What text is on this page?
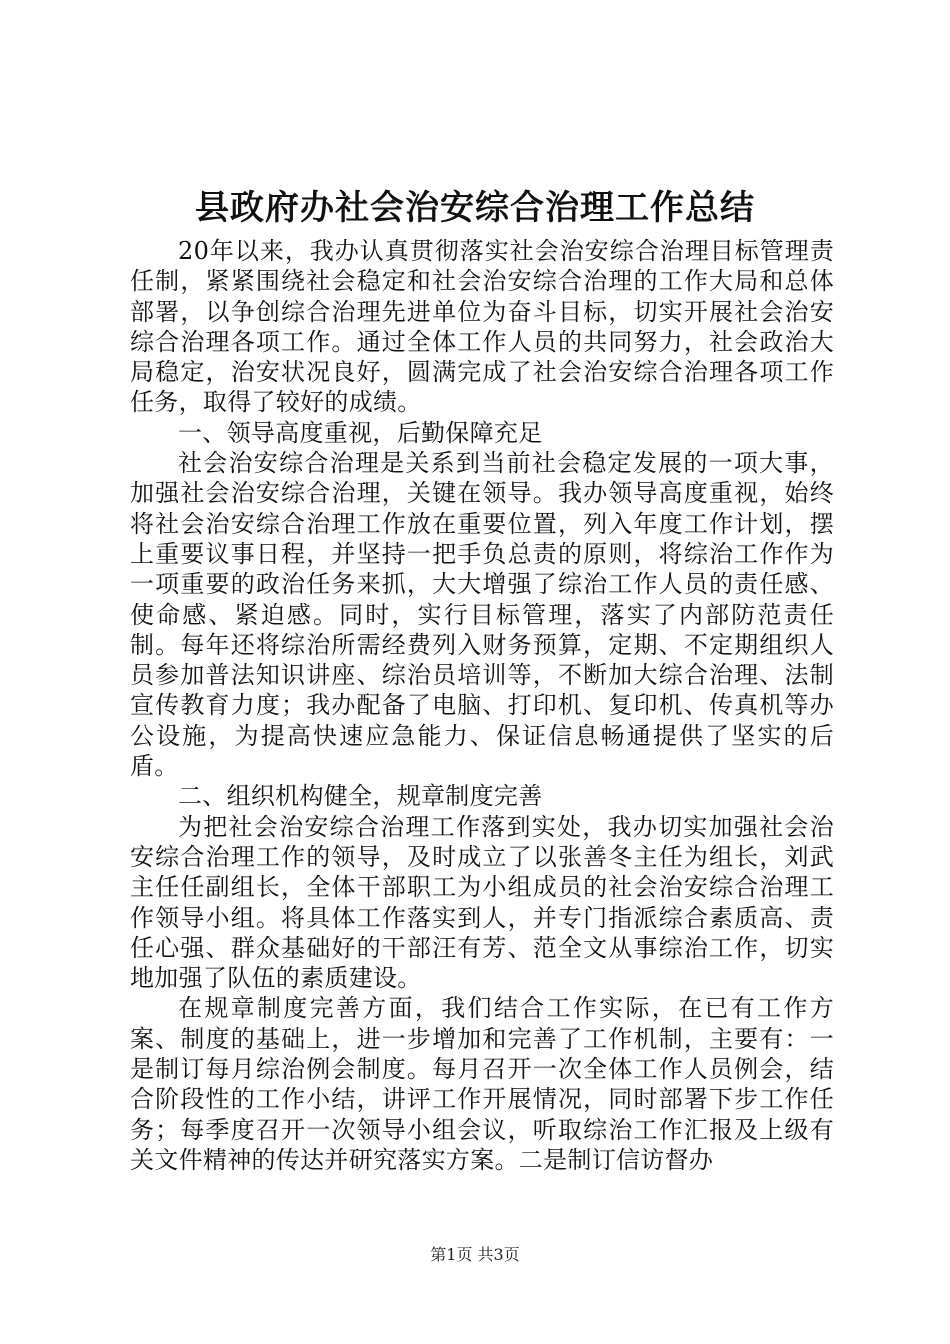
县政府办社会治安综合治理工作总结

20年以来，我办认真贯彻落实社会治安综合治理目标管理责任制，紧紧围绕社会稳定和社会治安综合治理的工作大局和总体部署，以争创综合治理先进单位为奋斗目标，切实开展社会治安综合治理各项工作。通过全体工作人员的共同努力，社会政治大局稳定，治安状况良好，圆满完成了社会治安综合治理各项工作任务，取得了较好的成绩。

一、领导高度重视，后勤保障充足

社会治安综合治理是关系到当前社会稳定发展的一项大事，加强社会治安综合治理，关键在领导。我办领导高度重视，始终将社会治安综合治理工作放在重要位置，列入年度工作计划，摆上重要议事日程，并坚持一把手负总责的原则，将综治工作作为一项重要的政治任务来抓，大大增强了综治工作人员的责任感、使命感、紧迫感。同时，实行目标管理，落实了内部防范责任制。每年还将综治所需经费列入财务预算，定期、不定期组织人员参加普法知识讲座、综治员培训等，不断加大综合治理、法制宣传教育力度；我办配备了电脑、打印机、复印机、传真机等办公设施，为提高快速应急能力、保证信息畅通提供了坚实的后盾。

二、组织机构健全，规章制度完善

为把社会治安综合治理工作落到实处，我办切实加强社会治安综合治理工作的领导，及时成立了以张善冬主任为组长，刘武主任任副组长，全体干部职工为小组成员的社会治安综合治理工作领导小组。将具体工作落实到人，并专门指派综合素质高、责任心强、群众基础好的干部汪有芳、范全文从事综治工作，切实地加强了队伍的素质建设。

在规章制度完善方面，我们结合工作实际，在已有工作方案、制度的基础上，进一步增加和完善了工作机制，主要有：一是制订每月综治例会制度。每月召开一次全体工作人员例会，结合阶段性的工作小结，讲评工作开展情况，同时部署下步工作任务；每季度召开一次领导小组会议，听取综治工作汇报及上级有关文件精神的传达并研究落实方案。二是制订信访督办

第1页 共3页
